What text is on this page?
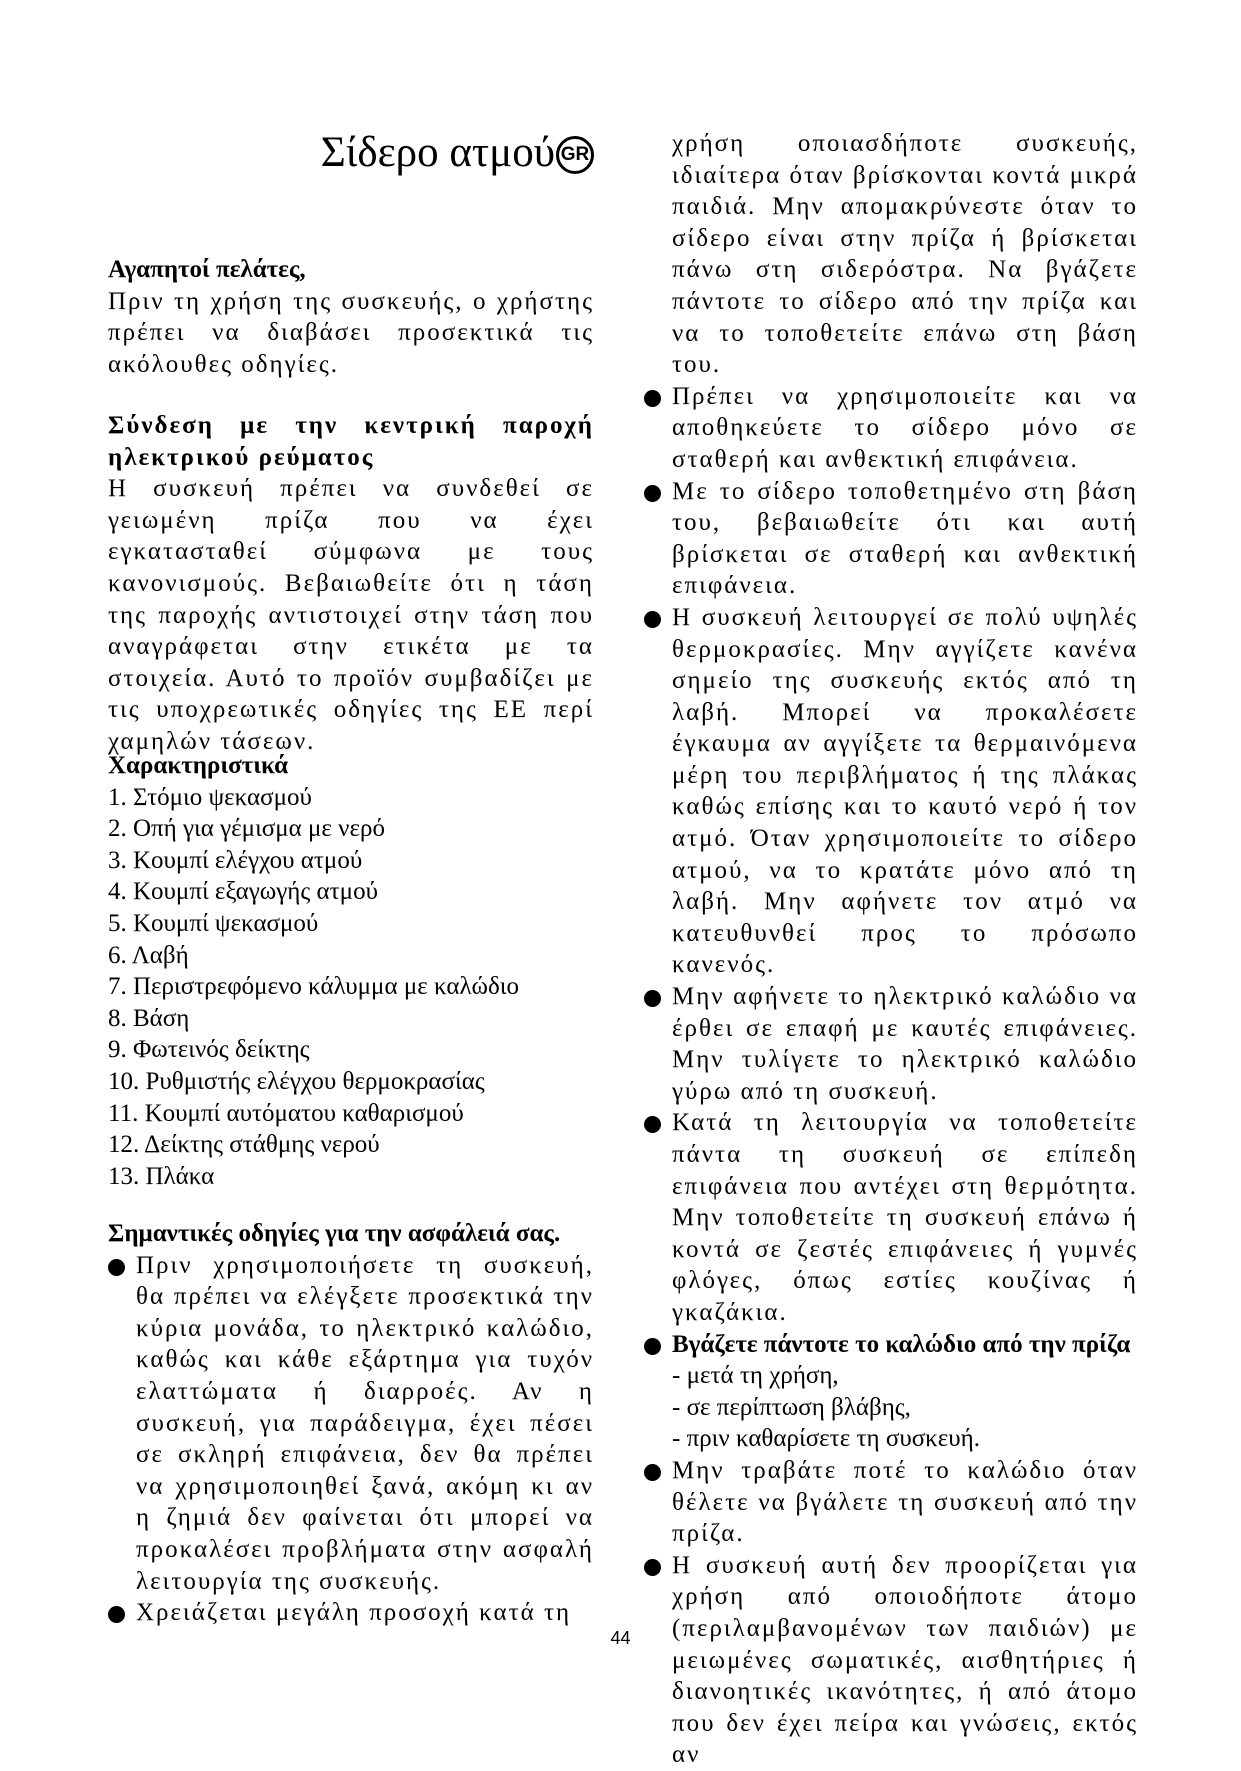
Σίδερο ατμού GR
Αγαπητοί πελάτες,

Πριν τη χρήση της συσκευής, ο χρήστης πρέπει να διαβάσει προσεκτικά τις ακόλουθες οδηγίες.

Σύνδεση με την κεντρική παροχή ηλεκτρικού ρεύματος

Η συσκευή πρέπει να συνδεθεί σε γειωμένη πρίζα που να έχει εγκατασταθεί σύμφωνα με τους κανονισμούς. Βεβαιωθείτε ότι η τάση της παροχής αντιστοιχεί στην τάση που αναγράφεται στην ετικέτα με τα στοιχεία. Αυτό το προϊόν συμβαδίζει με τις υποχρεωτικές οδηγίες της ΕΕ περί χαμηλών τάσεων.

Χαρακτηριστικά
1. Στόμιο ψεκασμού
2. Οπή για γέμισμα με νερό
3. Κουμπί ελέγχου ατμού
4. Κουμπί εξαγωγής ατμού
5. Κουμπί ψεκασμού
6. Λαβή
7. Περιστρεφόμενο κάλυμμα με καλώδιο
8. Βάση
9. Φωτεινός δείκτης
10. Ρυθμιστής ελέγχου θερμοκρασίας
11. Κουμπί αυτόματου καθαρισμού
12. Δείκτης στάθμης νερού
13. Πλάκα
Σημαντικές οδηγίες για την ασφάλειά σας.
Πριν χρησιμοποιήσετε τη συσκευή, θα πρέπει να ελέγξετε προσεκτικά την κύρια μονάδα, το ηλεκτρικό καλώδιο, καθώς και κάθε εξάρτημα για τυχόν ελαττώματα ή διαρροές. Αν η συσκευή, για παράδειγμα, έχει πέσει σε σκληρή επιφάνεια, δεν θα πρέπει να χρησιμοποιηθεί ξανά, ακόμη κι αν η ζημιά δεν φαίνεται ότι μπορεί να προκαλέσει προβλήματα στην ασφαλή λειτουργία της συσκευής.
Χρειάζεται μεγάλη προσοχή κατά τη

χρήση οποιασδήποτε συσκευής, ιδιαίτερα όταν βρίσκονται κοντά μικρά παιδιά. Μην απομακρύνεστε όταν το σίδερο είναι στην πρίζα ή βρίσκεται πάνω στη σιδερόστρα. Να βγάζετε πάντοτε το σίδερο από την πρίζα και να το τοποθετείτε επάνω στη βάση του.

Πρέπει να χρησιμοποιείτε και να αποθηκεύετε το σίδερο μόνο σε σταθερή και ανθεκτική επιφάνεια.
Με το σίδερο τοποθετημένο στη βάση του, βεβαιωθείτε ότι και αυτή βρίσκεται σε σταθερή και ανθεκτική επιφάνεια.
Η συσκευή λειτουργεί σε πολύ υψηλές θερμοκρασίες. Μην αγγίζετε κανένα σημείο της συσκευής εκτός από τη λαβή. Μπορεί να προκαλέσετε έγκαυμα αν αγγίξετε τα θερμαινόμενα μέρη του περιβλήματος ή της πλάκας καθώς επίσης και το καυτό νερό ή τον ατμό. Όταν χρησιμοποιείτε το σίδερο ατμού, να το κρατάτε μόνο από τη λαβή. Μην αφήνετε τον ατμό να κατευθυνθεί προς το πρόσωπο κανενός.
Μην αφήνετε το ηλεκτρικό καλώδιο να έρθει σε επαφή με καυτές επιφάνειες. Μην τυλίγετε το ηλεκτρικό καλώδιο γύρω από τη συσκευή.
Κατά τη λειτουργία να τοποθετείτε πάντα τη συσκευή σε επίπεδη επιφάνεια που αντέχει στη θερμότητα. Μην τοποθετείτε τη συσκευή επάνω ή κοντά σε ζεστές επιφάνειες ή γυμνές φλόγες, όπως εστίες κουζίνας ή γκαζάκια.
Βγάζετε πάντοτε το καλώδιο από την πρίζα
- μετά τη χρήση,
- σε περίπτωση βλάβης,
- πριν καθαρίσετε τη συσκευή.
Μην τραβάτε ποτέ το καλώδιο όταν θέλετε να βγάλετε τη συσκευή από την πρίζα.
Η συσκευή αυτή δεν προορίζεται για χρήση από οποιοδήποτε άτομο (περιλαμβανομένων των παιδιών) με μειωμένες σωματικές, αισθητήριες ή διανοητικές ικανότητες, ή από άτομο που δεν έχει πείρα και γνώσεις, εκτός αν
44
